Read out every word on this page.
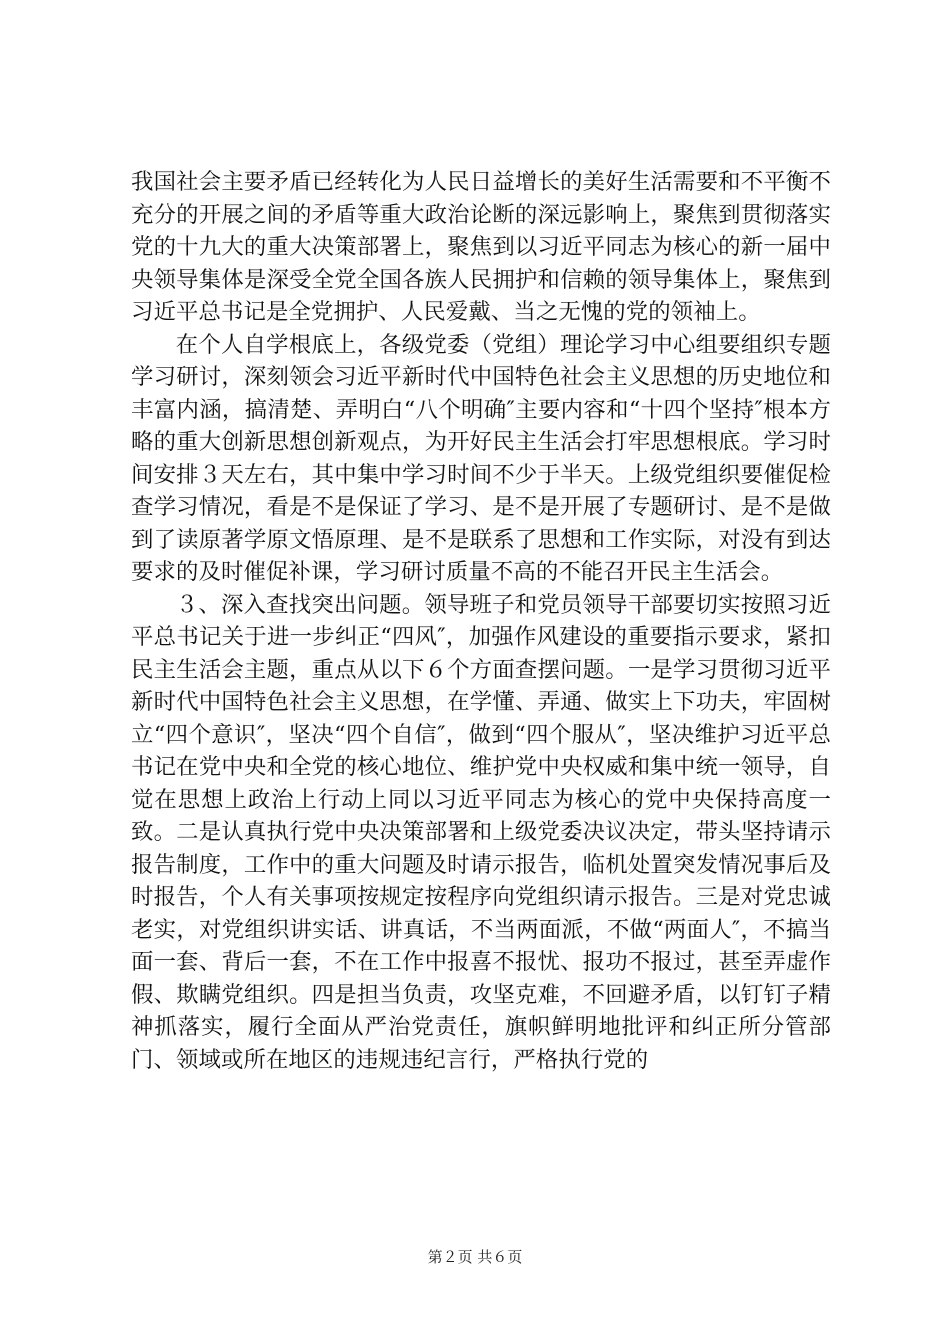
我国社会主要矛盾已经转化为人民日益增长的美好生活需要和不平衡不充分的开展之间的矛盾等重大政治论断的深远影响上，聚焦到贯彻落实党的十九大的重大决策部署上，聚焦到以习近平同志为核心的新一届中央领导集体是深受全党全国各族人民拥护和信赖的领导集体上，聚焦到习近平总书记是全党拥护、人民爱戴、当之无愧的党的领袖上。

在个人自学根底上，各级党委（党组）理论学习中心组要组织专题学习研讨，深刻领会习近平新时代中国特色社会主义思想的历史地位和丰富内涵，搞清楚、弄明白“八个明确″主要内容和“十四个坚持″根本方略的重大创新思想创新观点，为开好民主生活会打牢思想根底。学习时间安排３天左右，其中集中学习时间不少于半天。上级党组织要催促检查学习情况，看是不是保证了学习、是不是开展了专题研讨、是不是做到了读原著学原文悟原理、是不是联系了思想和工作实际，对没有到达要求的及时催促补课，学习研讨质量不高的不能召开民主生活会。

３、深入查找突出问题。领导班子和党员领导干部要切实按照习近平总书记关于进一步纠正“四风″，加强作风建设的重要指示要求，紧扣民主生活会主题，重点从以下６个方面查摆问题。一是学习贯彻习近平新时代中国特色社会主义思想，在学懂、弄通、做实上下功夫，牢固树立“四个意识″，坚决“四个自信″，做到“四个服从″，坚决维护习近平总书记在党中央和全党的核心地位、维护党中央权威和集中统一领导，自觉在思想上政治上行动上同以习近平同志为核心的党中央保持高度一致。二是认真执行党中央决策部署和上级党委决议决定，带头坚持请示报告制度，工作中的重大问题及时请示报告，临机处置突发情况事后及时报告，个人有关事项按规定按程序向党组织请示报告。三是对党忠诚老实，对党组织讲实话、讲真话，不当两面派，不做“两面人″，不搞当面一套、背后一套，不在工作中报喜不报忧、报功不报过，甚至弄虚作假、欺瞒党组织。四是担当负责，攻坚克难，不回避矛盾，以钉钉子精神抓落实，履行全面从严治党责任，旗帜鲜明地批评和纠正所分管部门、领域或所在地区的违规违纪言行，严格执行党的

第２页 共６页
